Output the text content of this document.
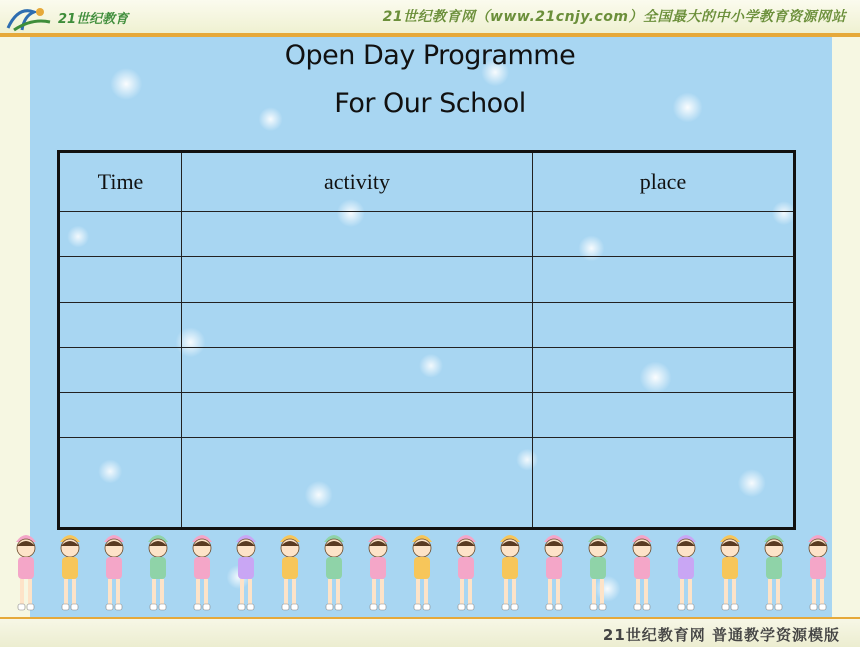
21世纪教育	21世纪教育网（www.21cnjy.com）全国最大的中小学教育资源网站
Open Day Programme
For Our School
Time	activity	place

21世纪教育网 普通教学资源模版
